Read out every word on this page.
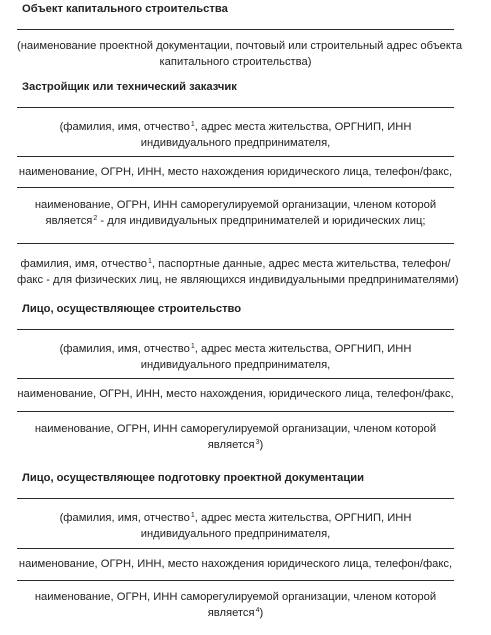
Объект капитального строительства
(наименование проектной документации, почтовый или строительный адрес объекта
капитального строительства)
Застройщик или технический заказчик
(фамилия, имя, отчество$^1$, адрес места жительства, ОРГНИП, ИНН
индивидуального предпринимателя,
наименование, ОГРН, ИНН, место нахождения юридического лица, телефон/факс,
наименование, ОГРН, ИНН саморегулируемой организации, членом которой
является$^2$ - для индивидуальных предпринимателей и юридических лиц;
фамилия, имя, отчество$^1$, паспортные данные, адрес места жительства, телефон/
факс - для физических лиц, не являющихся индивидуальными предпринимателями)
Лицо, осуществляющее строительство
(фамилия, имя, отчество$^1$, адрес места жительства, ОРГНИП, ИНН
индивидуального предпринимателя,
наименование, ОГРН, ИНН, место нахождения, юридического лица, телефон/факс,
наименование, ОГРН, ИНН саморегулируемой организации, членом которой
является$^3$)
Лицо, осуществляющее подготовку проектной документации
(фамилия, имя, отчество$^1$, адрес места жительства, ОРГНИП, ИНН
индивидуального предпринимателя,
наименование, ОГРН, ИНН, место нахождения юридического лица, телефон/факс,
наименование, ОГРН, ИНН саморегулируемой организации, членом которой
является$^4$)
